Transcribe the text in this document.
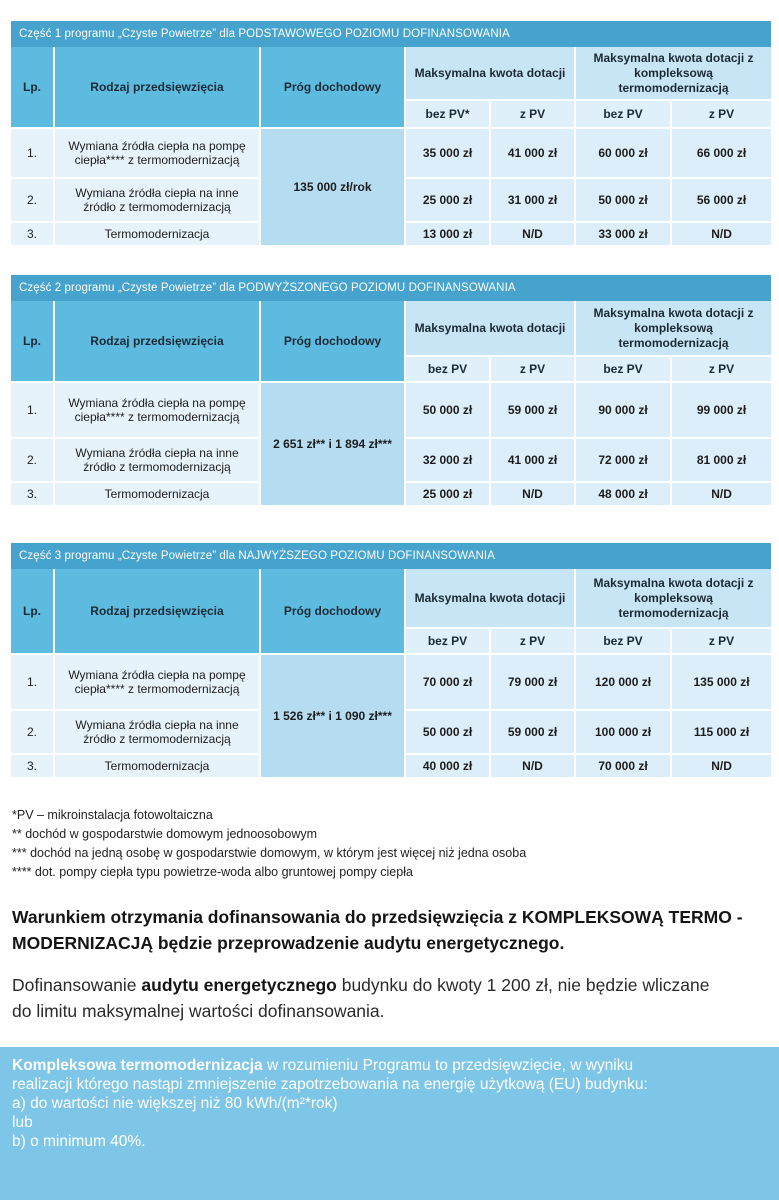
Część 1 programu „Czyste Powietrze” dla PODSTAWOWEGO POZIOMU DOFINANSOWANIA
Lp.	Rodzaj przedsięwzięcia	Próg dochodowy	Maksymalna kwota dotacji		Maksymalna kwota dotacji z kompleksową termomodernizacją	
			bez PV*	z PV	bez PV	z PV
1.	Wymiana źródła ciepła na pompę ciepła**** z termomodernizacją	135 000 zł/rok	35 000 zł	41 000 zł	60 000 zł	66 000 zł
2.	Wymiana źródła ciepła na inne źródło z termomodernizacją		25 000 zł	31 000 zł	50 000 zł	56 000 zł
3.	Termomodernizacja		13 000 zł	N/D	33 000 zł	N/D
Część 2 programu „Czyste Powietrze” dla PODWYŻSZONEGO POZIOMU DOFINANSOWANIA
Lp.	Rodzaj przedsięwzięcia	Próg dochodowy	Maksymalna kwota dotacji		Maksymalna kwota dotacji z kompleksową termomodernizacją	
			bez PV	z PV	bez PV	z PV
1.	Wymiana źródła ciepła na pompę ciepła**** z termomodernizacją	2 651 zł** i 1 894 zł***	50 000 zł	59 000 zł	90 000 zł	99 000 zł
2.	Wymiana źródła ciepła na inne źródło z termomodernizacją		32 000 zł	41 000 zł	72 000 zł	81 000 zł
3.	Termomodernizacja		25 000 zł	N/D	48 000 zł	N/D
Część 3 programu „Czyste Powietrze” dla NAJWYŻSZEGO POZIOMU DOFINANSOWANIA
Lp.	Rodzaj przedsięwzięcia	Próg dochodowy	Maksymalna kwota dotacji		Maksymalna kwota dotacji z kompleksową termomodernizacją	
			bez PV	z PV	bez PV	z PV
1.	Wymiana źródła ciepła na pompę ciepła**** z termomodernizacją	1 526 zł** i 1 090 zł***	70 000 zł	79 000 zł	120 000 zł	135 000 zł
2.	Wymiana źródła ciepła na inne źródło z termomodernizacją		50 000 zł	59 000 zł	100 000 zł	115 000 zł
3.	Termomodernizacja		40 000 zł	N/D	70 000 zł	N/D
*PV – mikroinstalacja fotowoltaiczna
** dochód w gospodarstwie domowym jednoosobowym
*** dochód na jedną osobę w gospodarstwie domowym, w którym jest więcej niż jedna osoba
**** dot. pompy ciepła typu powietrze-woda albo gruntowej pompy ciepła
Warunkiem otrzymania dofinansowania do przedsięwzięcia z KOMPLEKSOWĄ TERMO -
MODERNIZACJĄ będzie przeprowadzenie audytu energetycznego.
Dofinansowanie audytu energetycznego budynku do kwoty 1 200 zł, nie będzie wliczane
do limitu maksymalnej wartości dofinansowania.
Kompleksowa termomodernizacja w rozumieniu Programu to przedsięwzięcie, w wyniku
realizacji którego nastąpi zmniejszenie zapotrzebowania na energię użytkową (EU) budynku:
a) do wartości nie większej niż 80 kWh/(m²*rok)
lub
b) o minimum 40%.
